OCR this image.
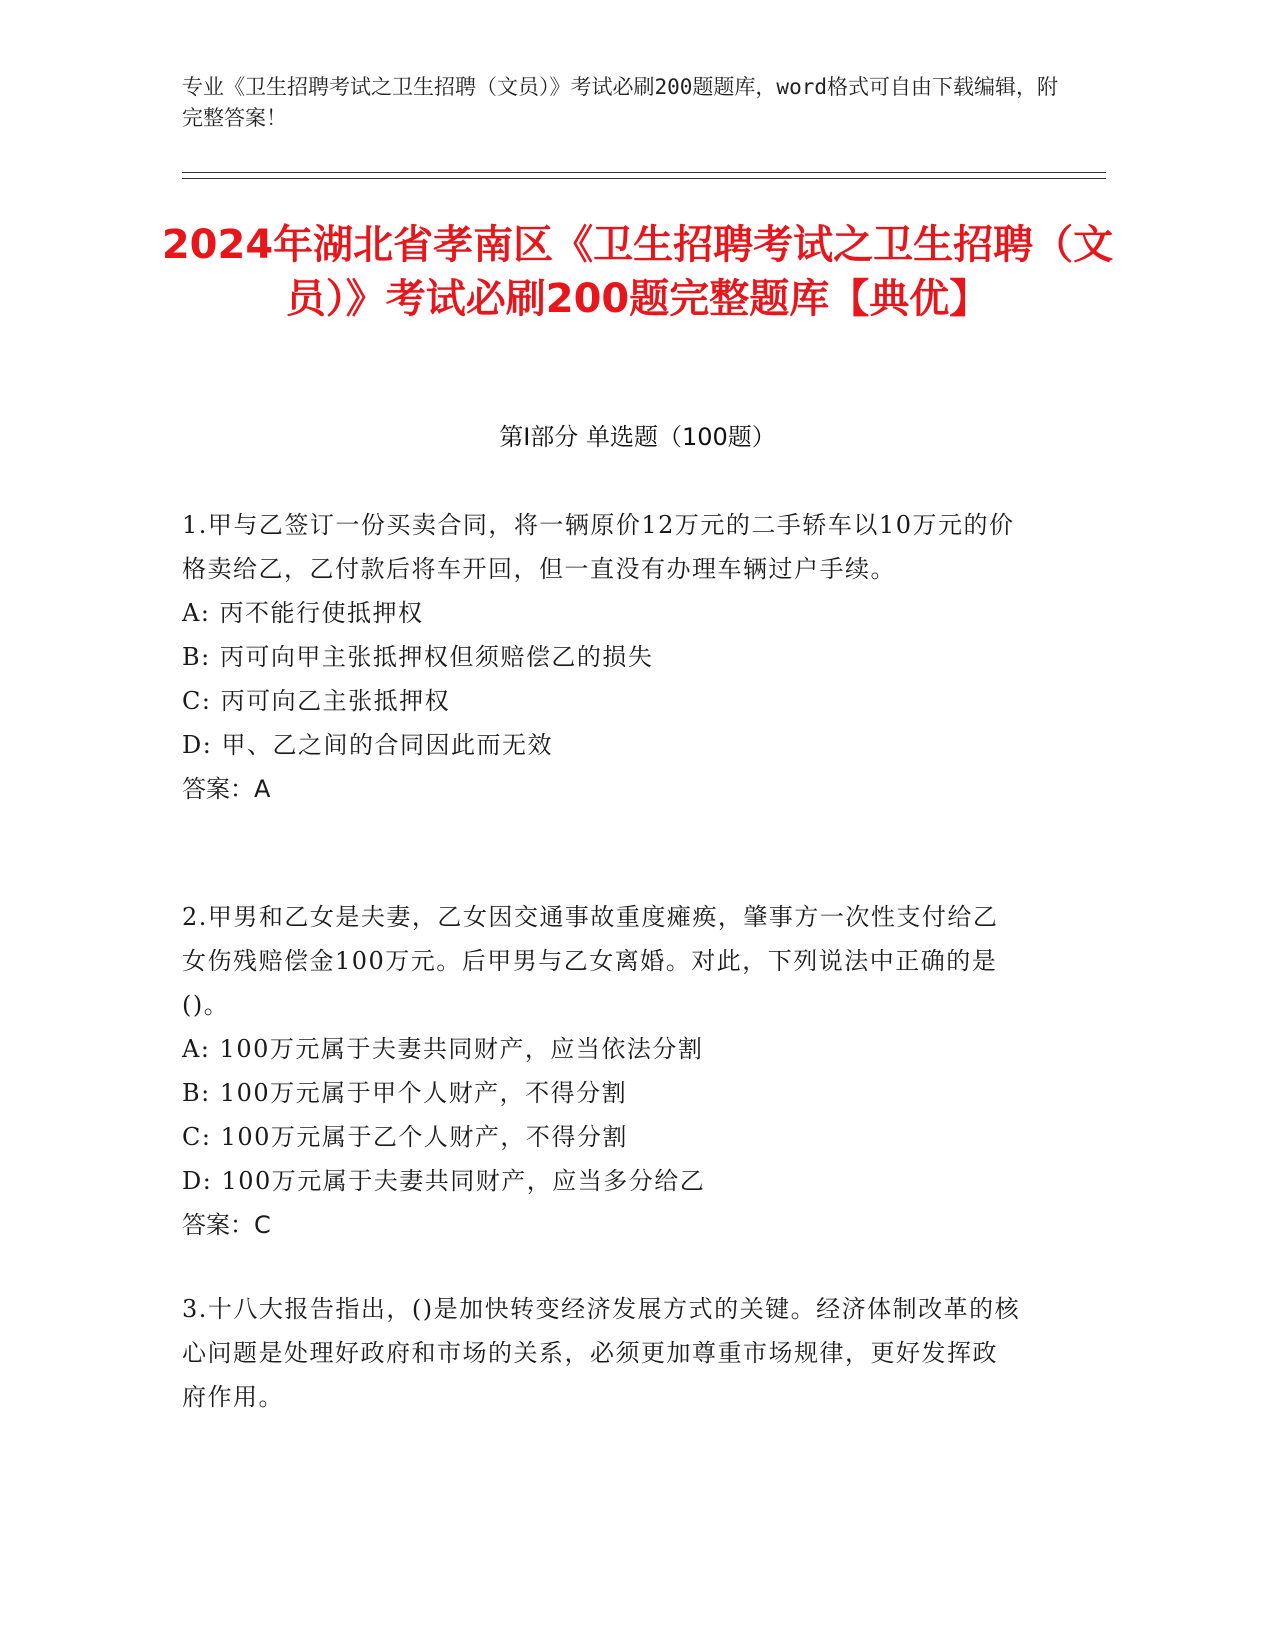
专业《卫生招聘考试之卫生招聘（文员）》考试必刷200题题库，word格式可自由下载编辑，附完整答案！
2024年湖北省孝南区《卫生招聘考试之卫生招聘（文员）》考试必刷200题完整题库【典优】
第Ⅰ部分 单选题（100题）
1.甲与乙签订一份买卖合同，将一辆原价12万元的二手轿车以10万元的价格卖给乙，乙付款后将车开回，但一直没有办理车辆过户手续。
A: 丙不能行使抵押权
B: 丙可向甲主张抵押权但须赔偿乙的损失
C: 丙可向乙主张抵押权
D: 甲、乙之间的合同因此而无效
答案：A
2.甲男和乙女是夫妻，乙女因交通事故重度瘫痪，肇事方一次性支付给乙女伤残赔偿金100万元。后甲男与乙女离婚。对此，下列说法中正确的是()。
A: 100万元属于夫妻共同财产，应当依法分割
B: 100万元属于甲个人财产，不得分割
C: 100万元属于乙个人财产，不得分割
D: 100万元属于夫妻共同财产，应当多分给乙
答案：C
3.十八大报告指出，()是加快转变经济发展方式的关键。经济体制改革的核心问题是处理好政府和市场的关系，必须更加尊重市场规律，更好发挥政府作用。
